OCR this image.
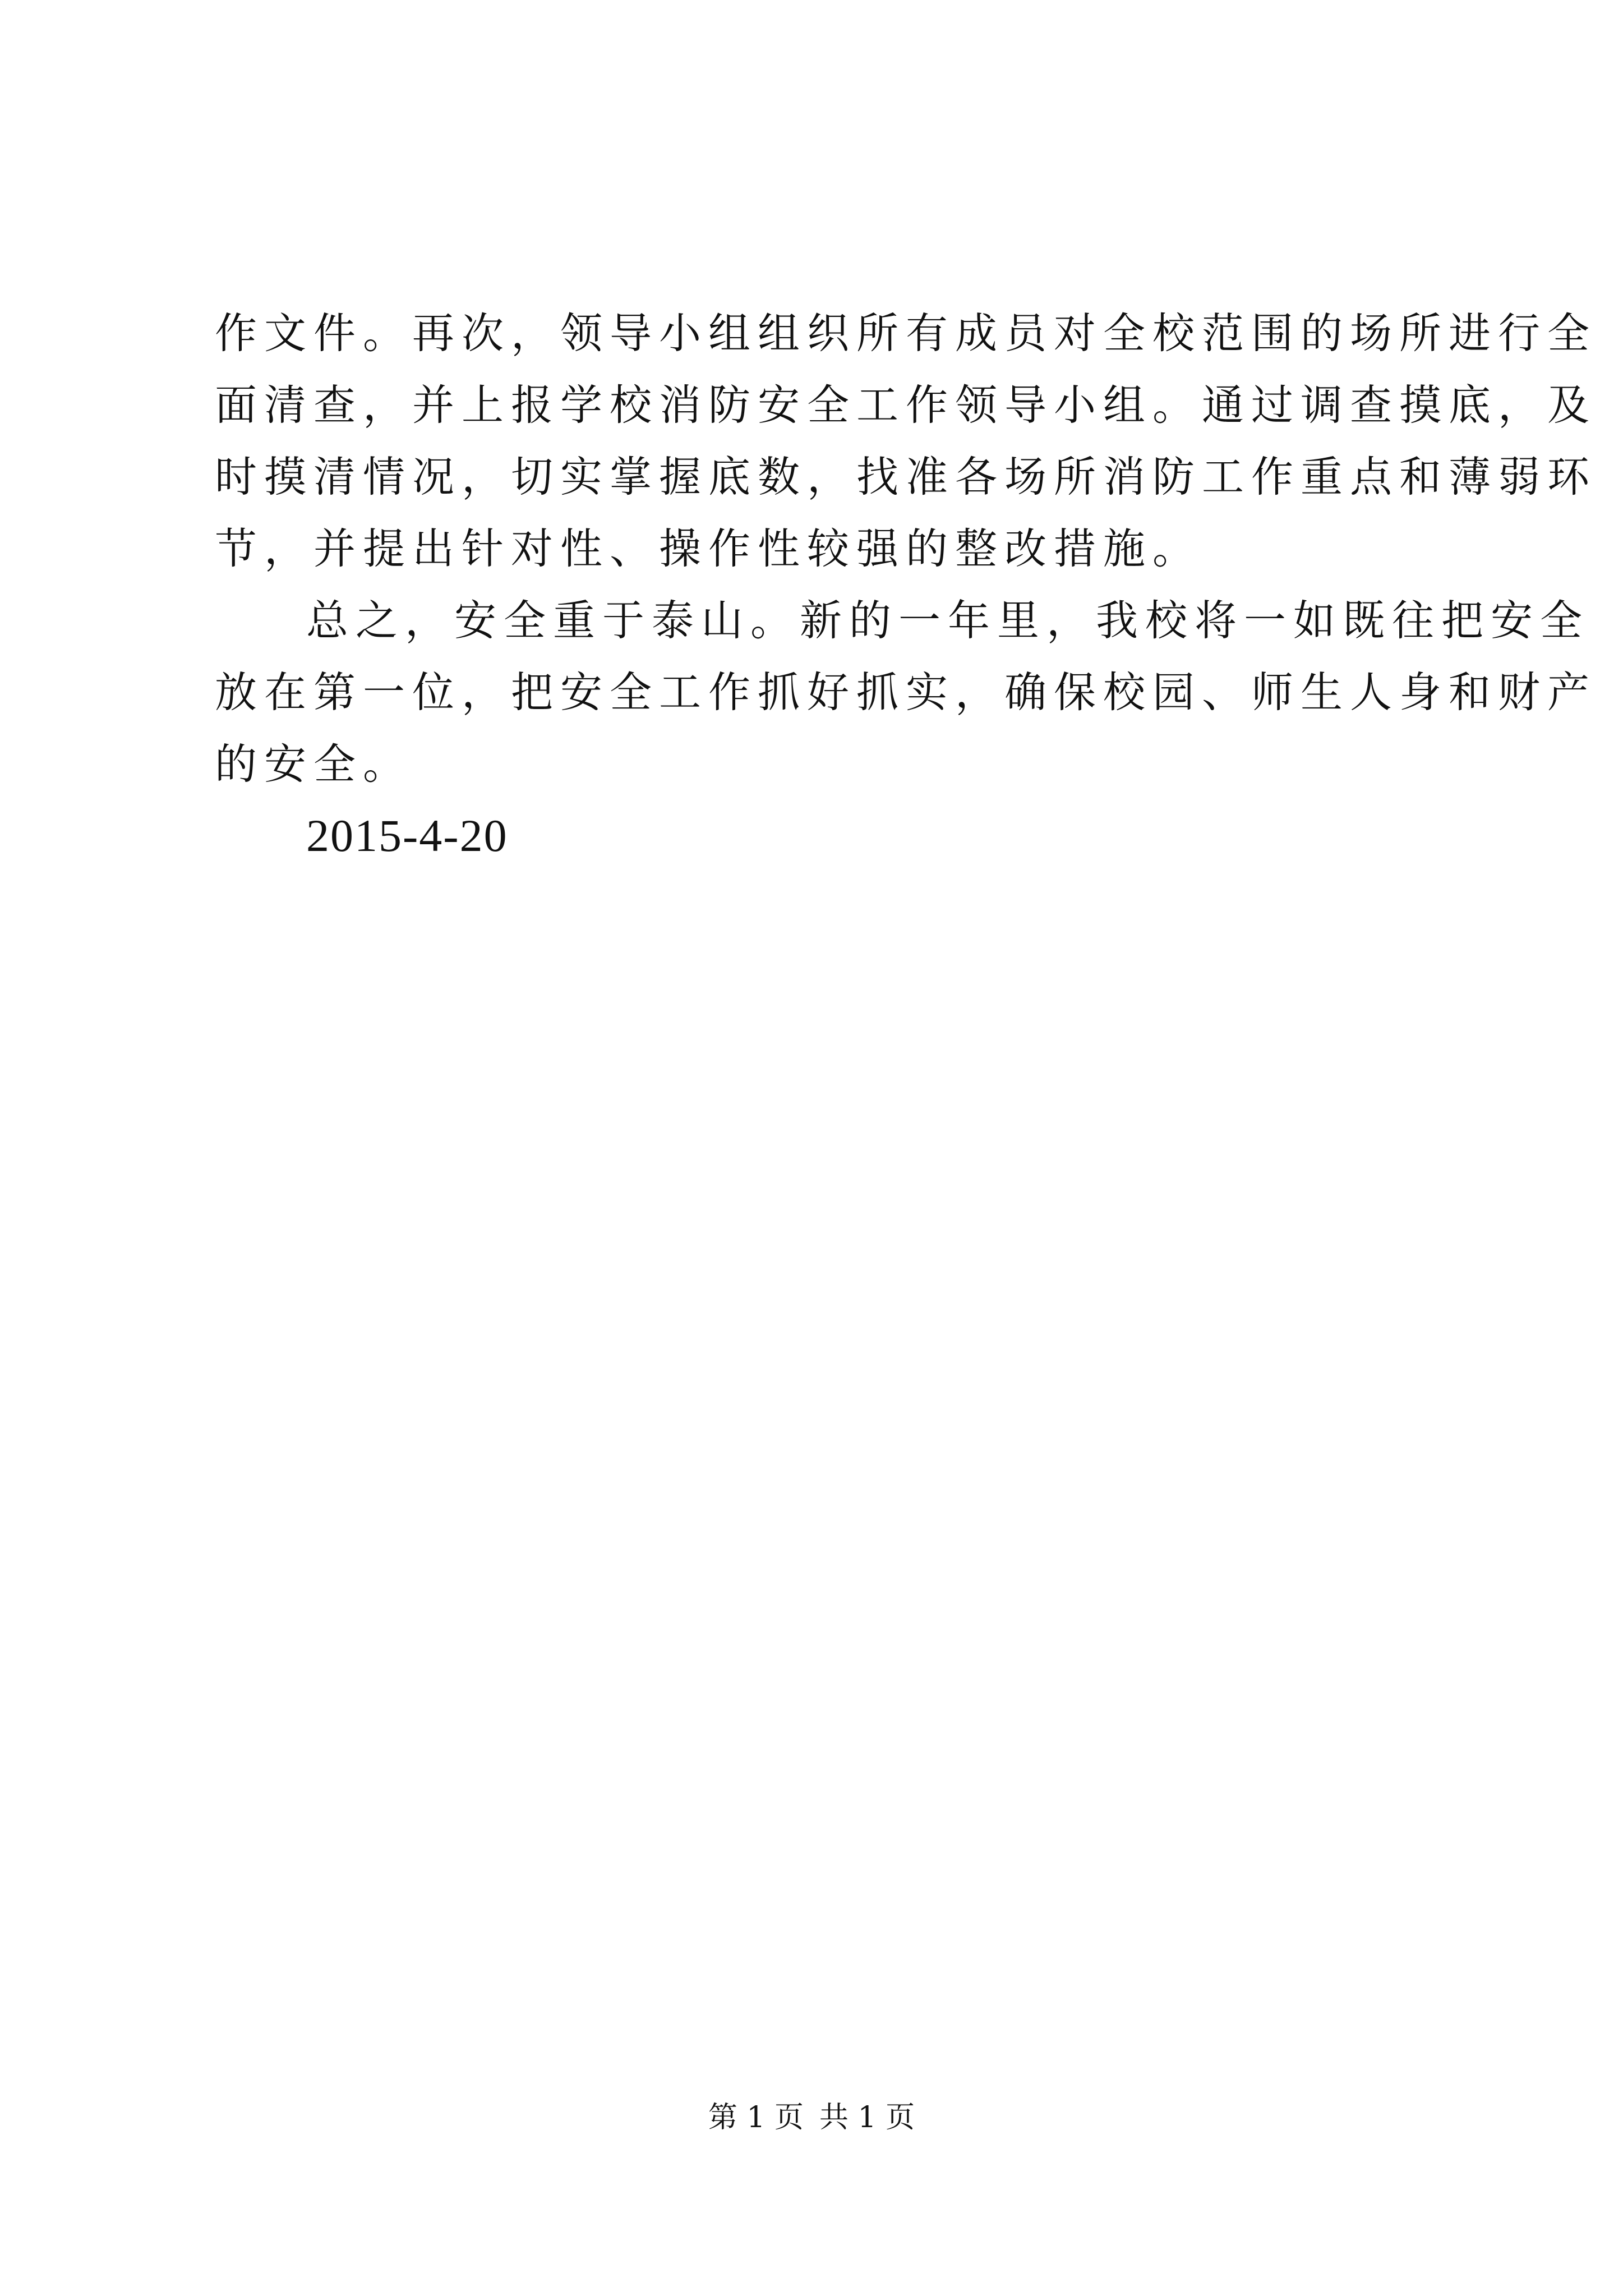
作文件。再次，领导小组组织所有成员对全校范围的场所进行全
面清查，并上报学校消防安全工作领导小组。通过调查摸底，及
时摸清情况，切实掌握底数，找准各场所消防工作重点和薄弱环
节，并提出针对性、操作性较强的整改措施。
总之，安全重于泰山。新的一年里，我校将一如既往把安全
放在第一位，把安全工作抓好抓实，确保校园、师生人身和财产
的安全。
2015-4-20
第 1 页 共 1 页
